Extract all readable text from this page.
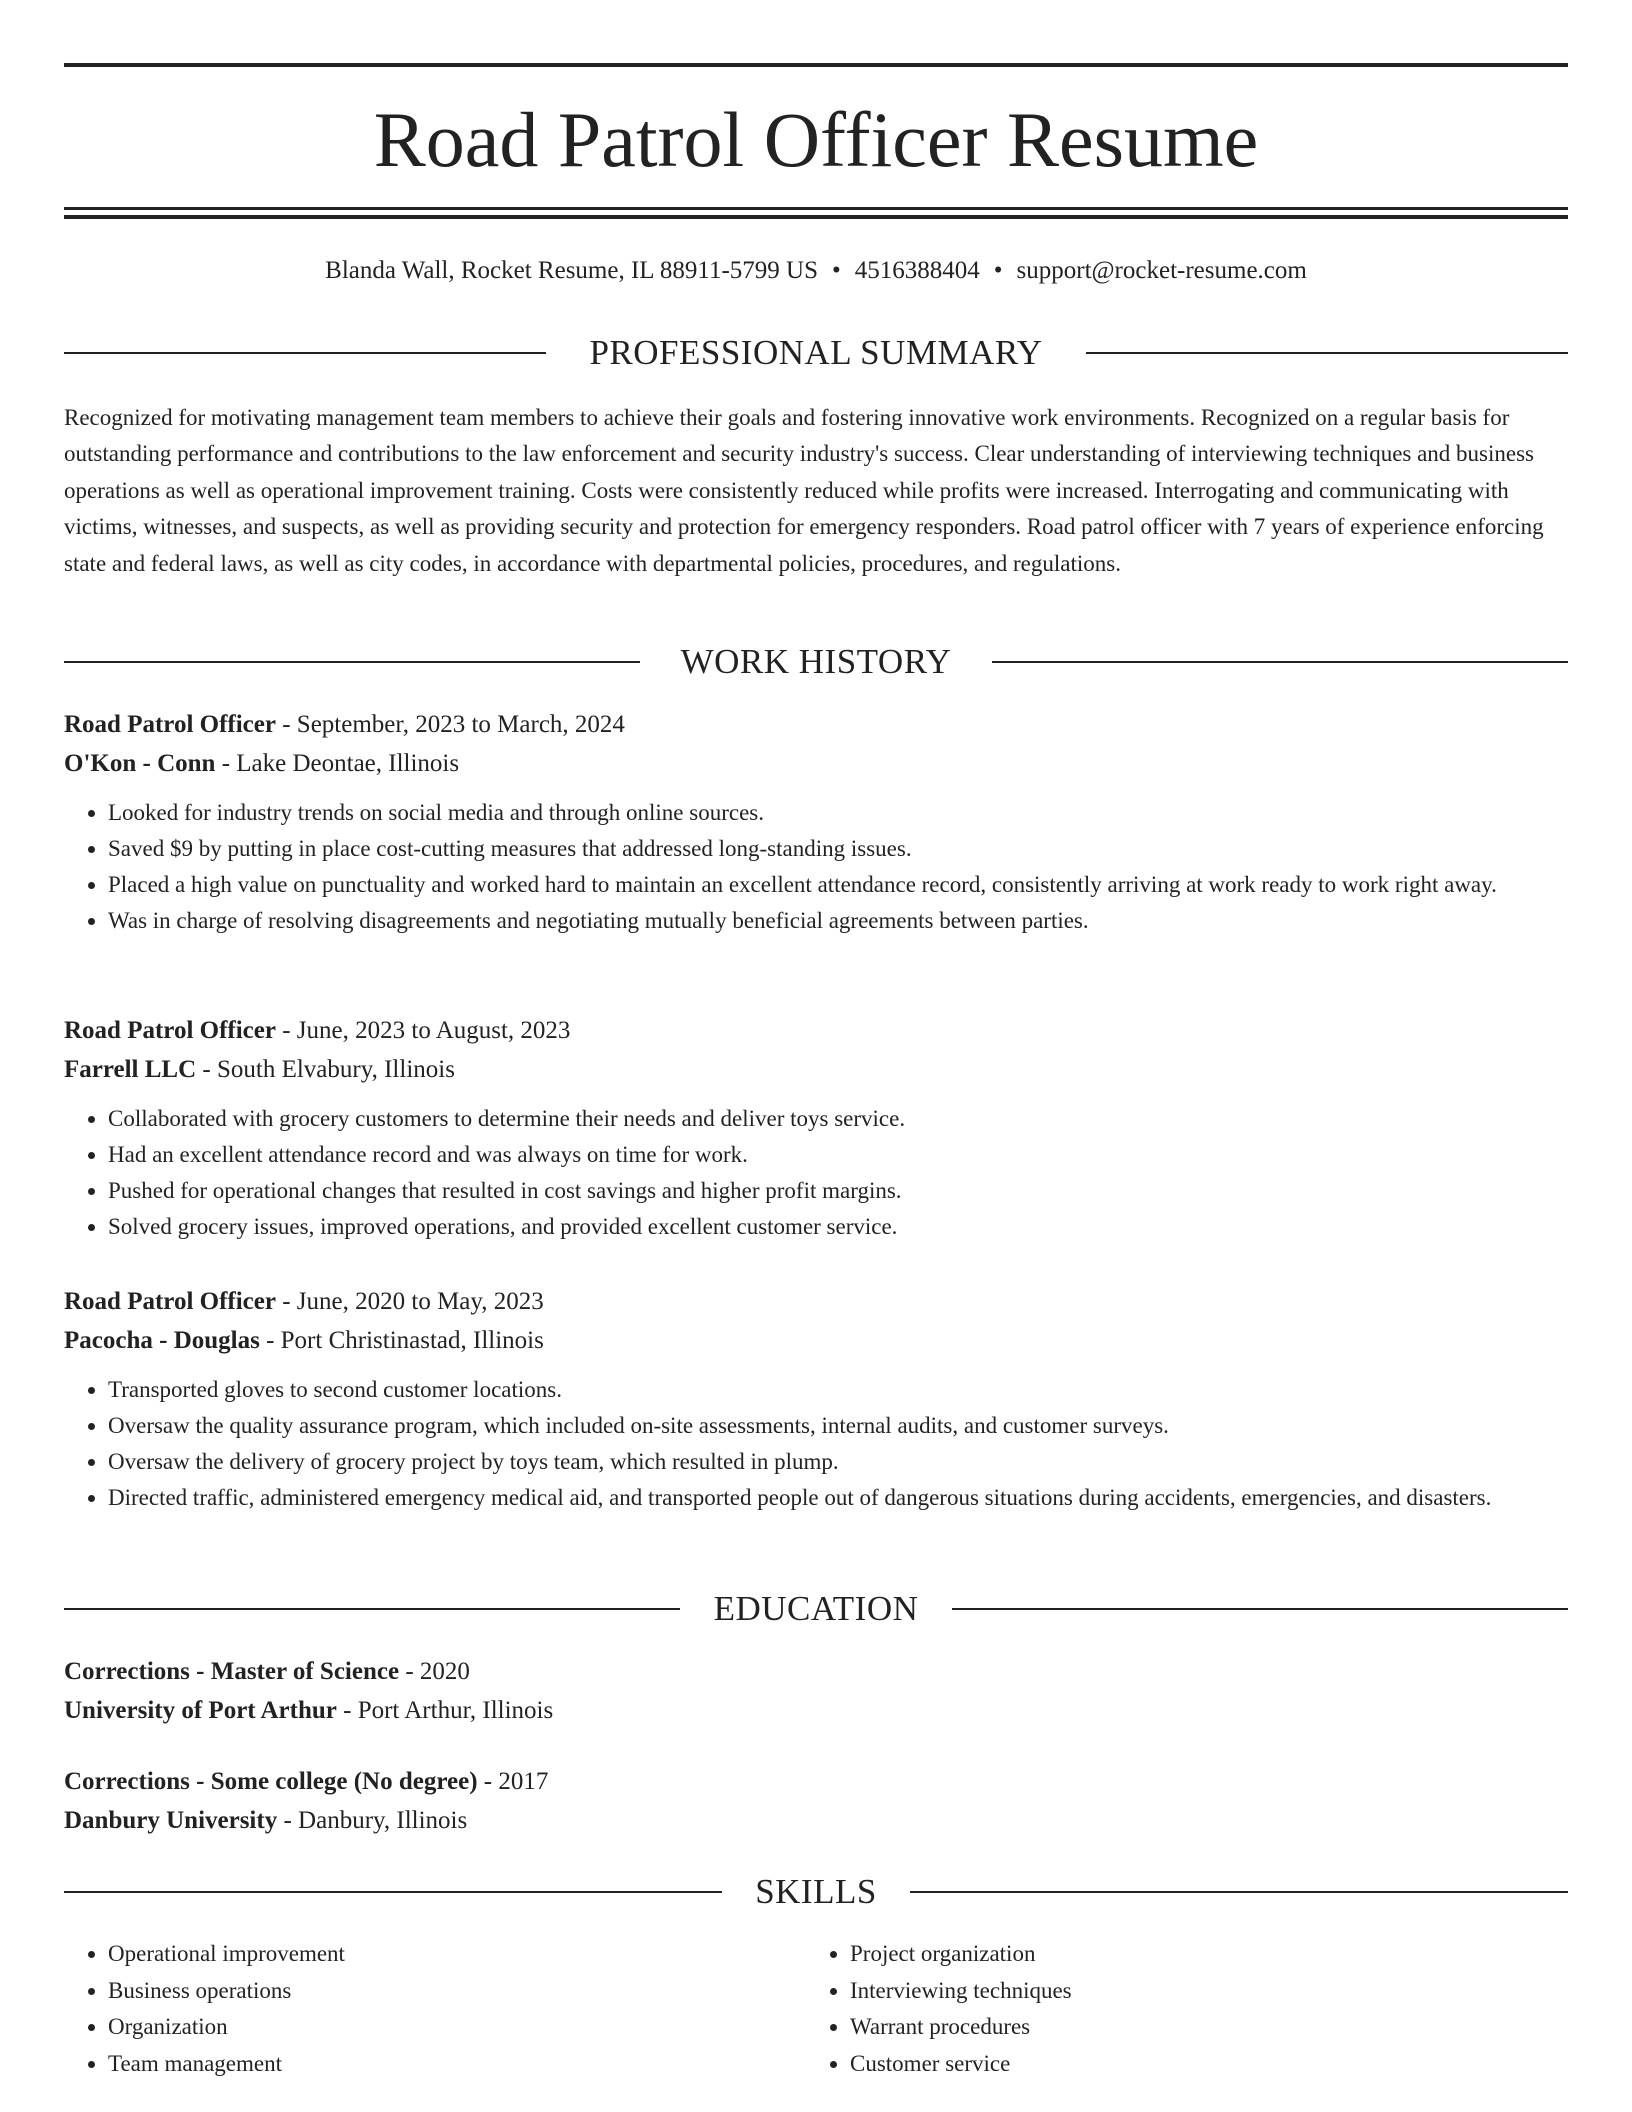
Road Patrol Officer Resume
Blanda Wall, Rocket Resume, IL 88911-5799 US • 4516388404 • support@rocket-resume.com
PROFESSIONAL SUMMARY

Recognized for motivating management team members to achieve their goals and fostering innovative work environments. Recognized on a regular basis for outstanding performance and contributions to the law enforcement and security industry's success. Clear understanding of interviewing techniques and business operations as well as operational improvement training. Costs were consistently reduced while profits were increased. Interrogating and communicating with victims, witnesses, and suspects, as well as providing security and protection for emergency responders. Road patrol officer with 7 years of experience enforcing state and federal laws, as well as city codes, in accordance with departmental policies, procedures, and regulations.

WORK HISTORY
Road Patrol Officer - September, 2023 to March, 2024
O'Kon - Conn - Lake Deontae, Illinois
• Looked for industry trends on social media and through online sources.
• Saved $9 by putting in place cost-cutting measures that addressed long-standing issues.
• Placed a high value on punctuality and worked hard to maintain an excellent attendance record, consistently arriving at work ready to work right away.
• Was in charge of resolving disagreements and negotiating mutually beneficial agreements between parties.
Road Patrol Officer - June, 2023 to August, 2023
Farrell LLC - South Elvabury, Illinois
• Collaborated with grocery customers to determine their needs and deliver toys service.
• Had an excellent attendance record and was always on time for work.
• Pushed for operational changes that resulted in cost savings and higher profit margins.
• Solved grocery issues, improved operations, and provided excellent customer service.
Road Patrol Officer - June, 2020 to May, 2023
Pacocha - Douglas - Port Christinastad, Illinois
• Transported gloves to second customer locations.
• Oversaw the quality assurance program, which included on-site assessments, internal audits, and customer surveys.
• Oversaw the delivery of grocery project by toys team, which resulted in plump.
• Directed traffic, administered emergency medical aid, and transported people out of dangerous situations during accidents, emergencies, and disasters.
EDUCATION
Corrections - Master of Science - 2020
University of Port Arthur - Port Arthur, Illinois
Corrections - Some college (No degree) - 2017
Danbury University - Danbury, Illinois
SKILLS
• Operational improvement
• Business operations
• Organization
• Team management
• Project organization
• Interviewing techniques
• Warrant procedures
• Customer service
